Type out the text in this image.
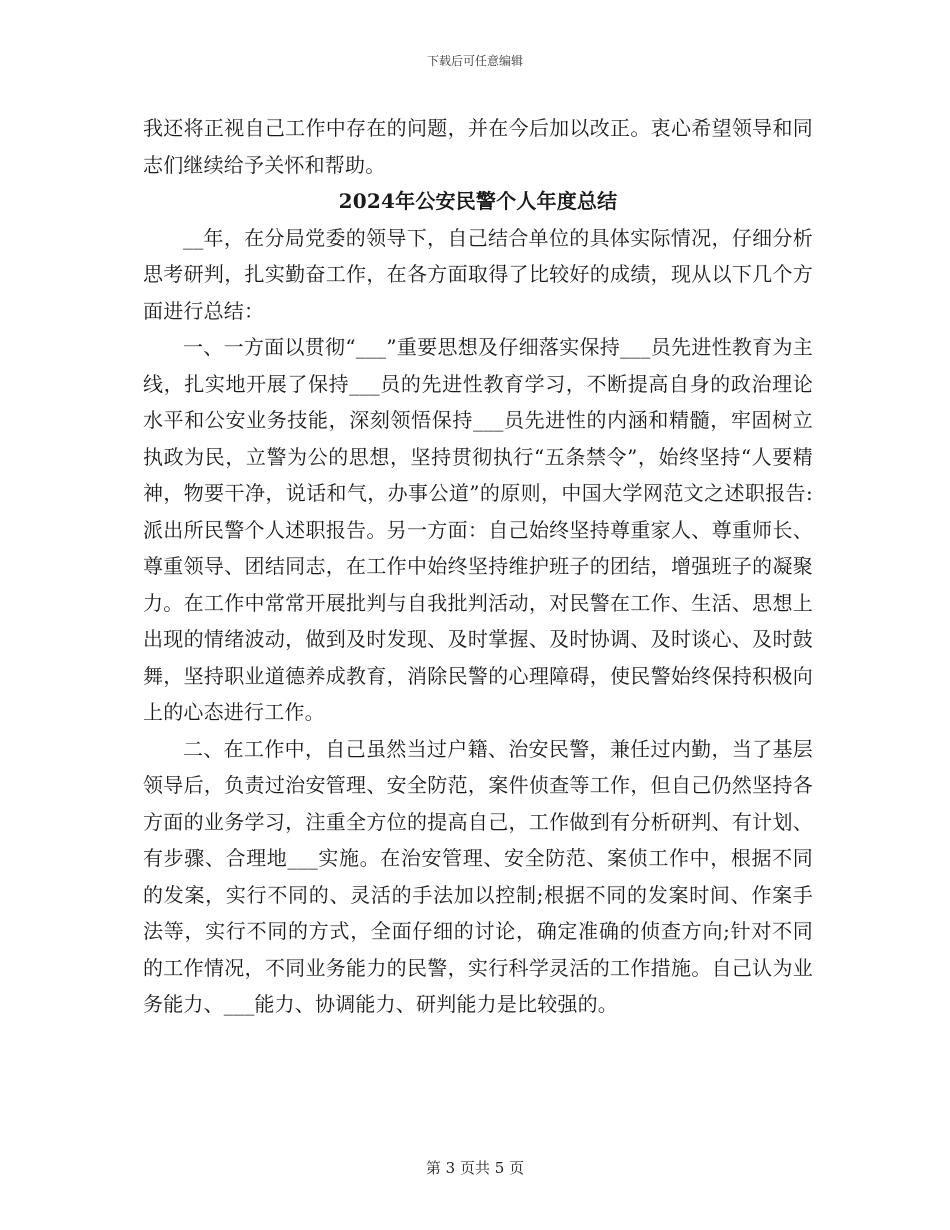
下载后可任意编辑

我还将正视自己工作中存在的问题，并在今后加以改正。衷心希望领导和同志们继续给予关怀和帮助。

2024年公安民警个人年度总结

__年，在分局党委的领导下，自己结合单位的具体实际情况，仔细分析思考研判，扎实勤奋工作，在各方面取得了比较好的成绩，现从以下几个方面进行总结：

一、一方面以贯彻“___”重要思想及仔细落实保持___员先进性教育为主线，扎实地开展了保持___员的先进性教育学习，不断提高自身的政治理论水平和公安业务技能，深刻领悟保持___员先进性的内涵和精髓，牢固树立执政为民，立警为公的思想，坚持贯彻执行“五条禁令”，始终坚持“人要精神，物要干净，说话和气，办事公道”的原则，中国大学网范文之述职报告:派出所民警个人述职报告。另一方面：自己始终坚持尊重家人、尊重师长、尊重领导、团结同志，在工作中始终坚持维护班子的团结，增强班子的凝聚力。在工作中常常开展批判与自我批判活动，对民警在工作、生活、思想上出现的情绪波动，做到及时发现、及时掌握、及时协调、及时谈心、及时鼓舞，坚持职业道德养成教育，消除民警的心理障碍，使民警始终保持积极向上的心态进行工作。

二、在工作中，自己虽然当过户籍、治安民警，兼任过内勤，当了基层领导后，负责过治安管理、安全防范，案件侦查等工作，但自己仍然坚持各方面的业务学习，注重全方位的提高自己，工作做到有分析研判、有计划、有步骤、合理地___实施。在治安管理、安全防范、案侦工作中，根据不同的发案，实行不同的、灵活的手法加以控制;根据不同的发案时间、作案手法等，实行不同的方式，全面仔细的讨论，确定准确的侦查方向;针对不同的工作情况，不同业务能力的民警，实行科学灵活的工作措施。自己认为业务能力、___能力、协调能力、研判能力是比较强的。

第 3 页共 5 页
